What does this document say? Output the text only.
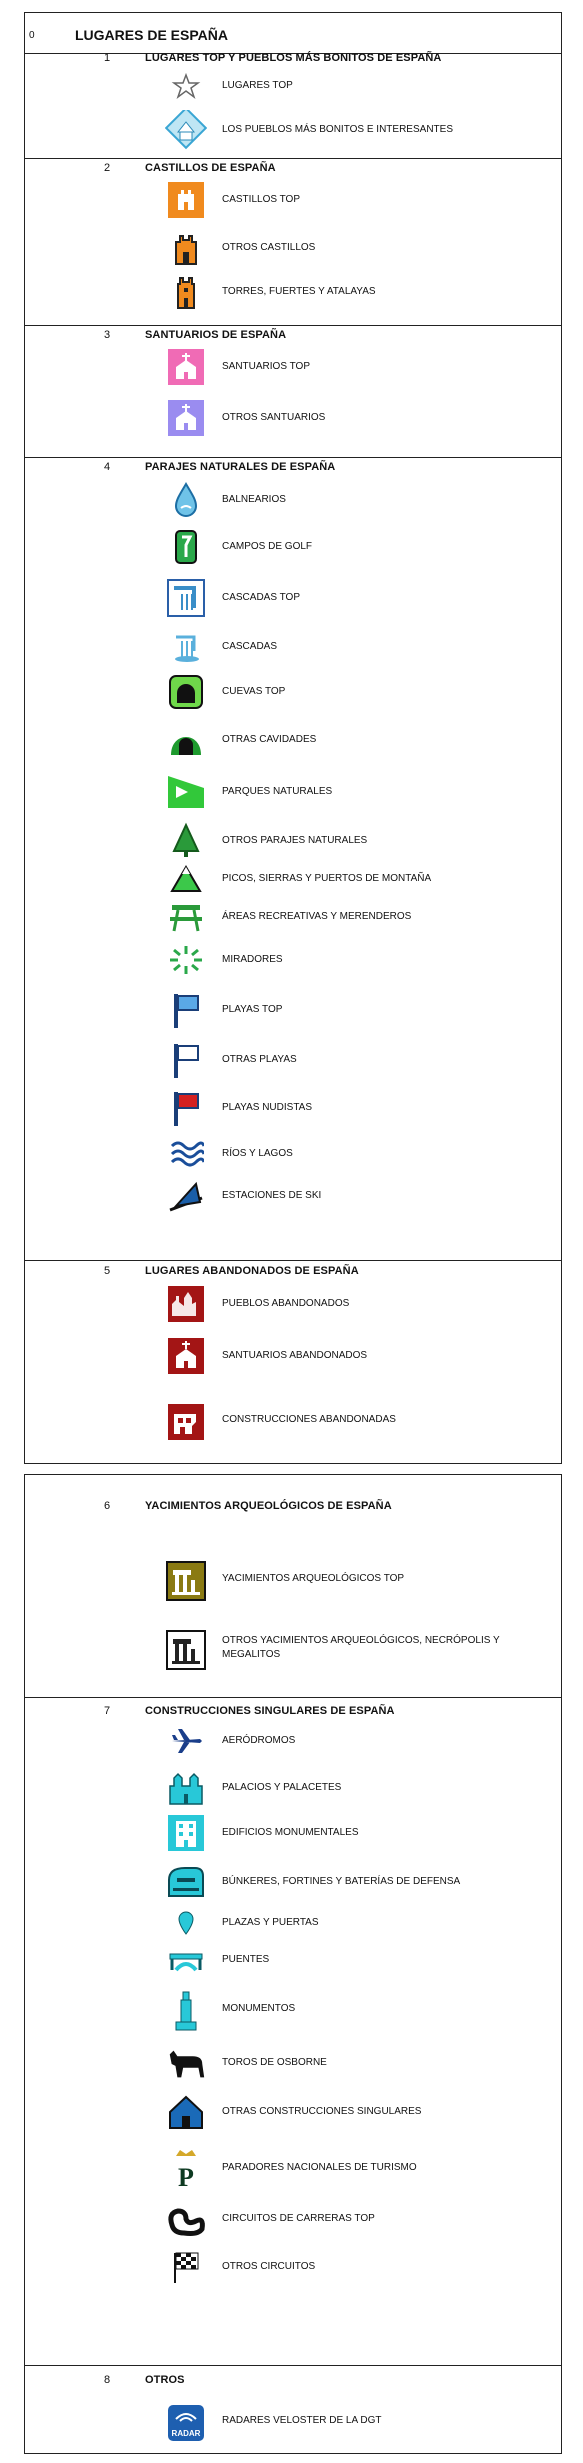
0	LUGARES DE ESPAÑA
1	LUGARES TOP Y PUEBLOS MÁS BONITOS DE ESPAÑA
LUGARES TOP
LOS PUEBLOS MÁS BONITOS E INTERESANTES
2	CASTILLOS DE ESPAÑA
CASTILLOS TOP
OTROS CASTILLOS
TORRES, FUERTES Y ATALAYAS
3	SANTUARIOS DE ESPAÑA
SANTUARIOS TOP
OTROS SANTUARIOS
4	PARAJES NATURALES DE ESPAÑA
BALNEARIOS
CAMPOS DE GOLF
CASCADAS TOP
CASCADAS
CUEVAS TOP
OTRAS CAVIDADES
PARQUES NATURALES
OTROS PARAJES NATURALES
PICOS, SIERRAS Y PUERTOS DE MONTAÑA
ÁREAS RECREATIVAS Y MERENDEROS
MIRADORES
PLAYAS TOP
OTRAS PLAYAS
PLAYAS NUDISTAS
RÍOS Y LAGOS
ESTACIONES DE SKI
5	LUGARES ABANDONADOS DE ESPAÑA
PUEBLOS ABANDONADOS
SANTUARIOS ABANDONADOS
CONSTRUCCIONES ABANDONADAS
6	YACIMIENTOS ARQUEOLÓGICOS DE ESPAÑA
YACIMIENTOS ARQUEOLÓGICOS TOP
OTROS YACIMIENTOS ARQUEOLÓGICOS, NECRÓPOLIS Y MEGALITOS
7	CONSTRUCCIONES SINGULARES DE ESPAÑA
AERÓDROMOS
PALACIOS Y PALACETES
EDIFICIOS MONUMENTALES
BÚNKERES, FORTINES Y BATERÍAS DE DEFENSA
PLAZAS Y PUERTAS
PUENTES
MONUMENTOS
TOROS DE OSBORNE
OTRAS CONSTRUCCIONES SINGULARES
P	PARADORES NACIONALES DE TURISMO
CIRCUITOS DE CARRERAS TOP
OTROS CIRCUITOS
8	OTROS
RADAR
RADARES VELOSTER DE LA DGT
